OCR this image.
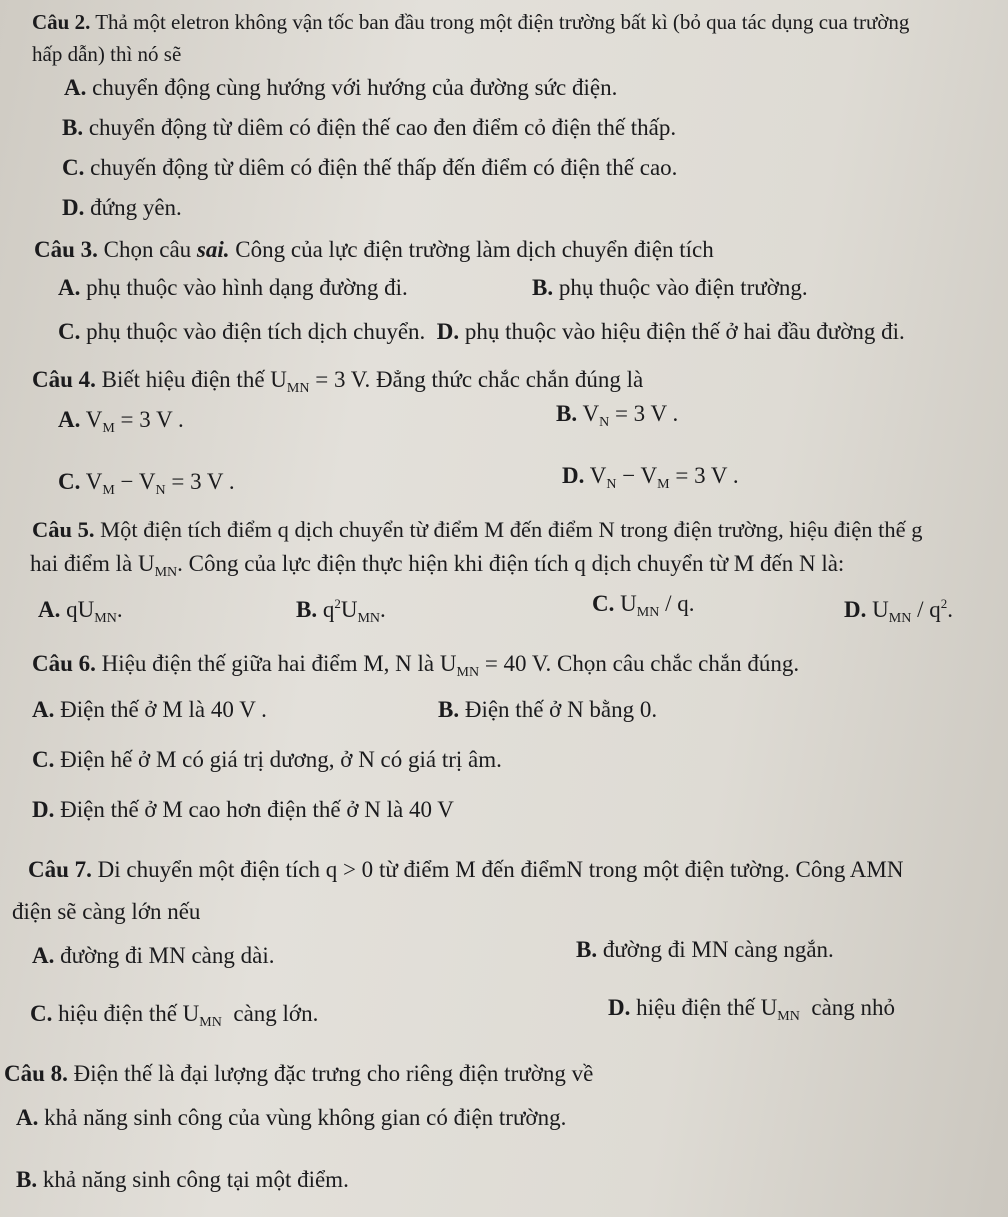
Câu 2. Thả một eletron không vận tốc ban đầu trong một điện trường bất kì (bỏ qua tác dụng cua trường
hấp dẫn) thì nó sẽ
A. chuyển động cùng hướng với hướng của đường sức điện.
B. chuyển động từ diêm có điện thế cao đen điểm cỏ điện thế thấp.
C. chuyến động từ diêm có điện thế thấp đến điểm có điện thế cao.
D. đứng yên.
Câu 3. Chọn câu sai. Công của lực điện trường làm dịch chuyển điện tích
A. phụ thuộc vào hình dạng đường đi.	B. phụ thuộc vào điện trường.
C. phụ thuộc vào điện tích dịch chuyển. D. phụ thuộc vào hiệu điện thế ở hai đầu đường đi.
Câu 4. Biết hiệu điện thế $U_{MN} = 3$ V. Đẳng thức chắc chắn đúng là
A. $V_M = 3$ V .	B. $V_N = 3$ V .
C. $V_M - V_N = 3$ V .	D. $V_N - V_M = 3$ V .
Câu 5. Một điện tích điểm q dịch chuyển từ điểm M đến điểm N trong điện trường, hiệu điện thế g
hai điểm là $U_{MN}$. Công của lực điện thực hiện khi điện tích q dịch chuyển từ M đến N là:
A. $qU_{MN}$.	B. $q^2U_{MN}$.	C. $U_{MN}$ / q.	D. $U_{MN} / q^2$.
Câu 6. Hiệu điện thế giữa hai điểm M, N là $U_{MN} = 40$ V. Chọn câu chắc chắn đúng.
A. Điện thế ở M là 40 V .	B. Điện thế ở N bằng 0.
C. Điện hế ở M có giá trị dương, ở N có giá trị âm.
D. Điện thế ở M cao hơn điện thế ở N là 40 V
Câu 7. Di chuyển một điện tích q > 0 từ điểm M đến điểmN trong một điện tường. Công AMN
điện sẽ càng lớn nếu
A. đường đi MN càng dài.	B. đường đi MN càng ngắn.
C. hiệu điện thế $U_{MN}$ càng lớn.	D. hiệu điện thế $U_{MN}$ càng nhỏ
Câu 8. Điện thế là đại lượng đặc trưng cho riêng điện trường về
A. khả năng sinh công của vùng không gian có điện trường.
B. khả năng sinh công tại một điểm.
